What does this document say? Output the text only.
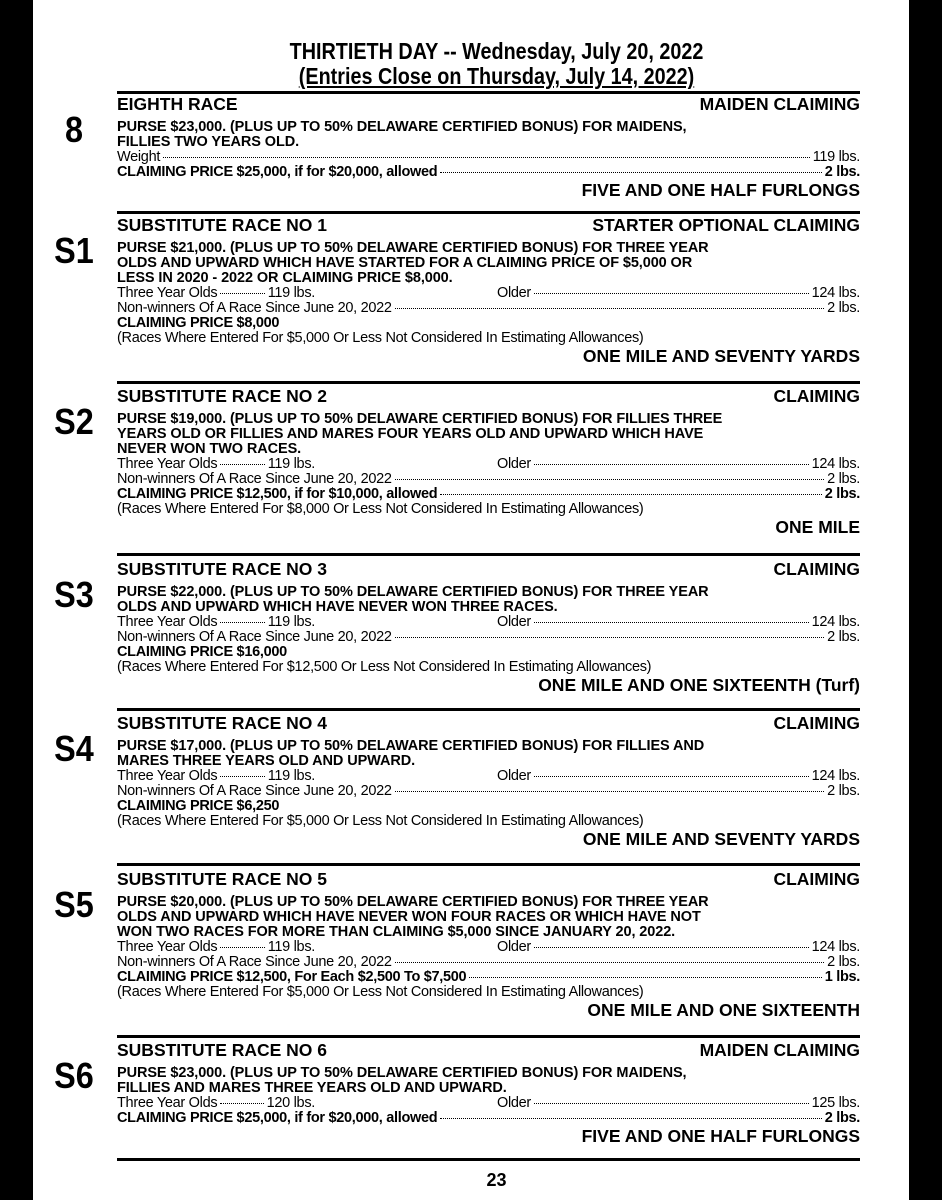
THIRTIETH DAY -- Wednesday, July 20, 2022
(Entries Close on Thursday, July 14, 2022)
8
EIGHTH RACE	MAIDEN CLAIMING
PURSE $23,000. (PLUS UP TO 50% DELAWARE CERTIFIED BONUS) FOR MAIDENS,
FILLIES TWO YEARS OLD.
Weight	119 lbs.
CLAIMING PRICE $25,000, if for $20,000, allowed	2 lbs.
FIVE AND ONE HALF FURLONGS
S1
SUBSTITUTE RACE NO 1	STARTER OPTIONAL CLAIMING
PURSE $21,000. (PLUS UP TO 50% DELAWARE CERTIFIED BONUS) FOR THREE YEAR
OLDS AND UPWARD WHICH HAVE STARTED FOR A CLAIMING PRICE OF $5,000 OR
LESS IN 2020 - 2022 OR CLAIMING PRICE $8,000.
Three Year Olds	119 lbs.	Older	124 lbs.
Non-winners Of A Race Since June 20, 2022	2 lbs.
CLAIMING PRICE $8,000
(Races Where Entered For $5,000 Or Less Not Considered In Estimating Allowances)
ONE MILE AND SEVENTY YARDS
S2
SUBSTITUTE RACE NO 2	CLAIMING
PURSE $19,000. (PLUS UP TO 50% DELAWARE CERTIFIED BONUS) FOR FILLIES THREE
YEARS OLD OR FILLIES AND MARES FOUR YEARS OLD AND UPWARD WHICH HAVE
NEVER WON TWO RACES.
Three Year Olds	119 lbs.	Older	124 lbs.
Non-winners Of A Race Since June 20, 2022	2 lbs.
CLAIMING PRICE $12,500, if for $10,000, allowed	2 lbs.
(Races Where Entered For $8,000 Or Less Not Considered In Estimating Allowances)
ONE MILE
S3
SUBSTITUTE RACE NO 3	CLAIMING
PURSE $22,000. (PLUS UP TO 50% DELAWARE CERTIFIED BONUS) FOR THREE YEAR
OLDS AND UPWARD WHICH HAVE NEVER WON THREE RACES.
Three Year Olds	119 lbs.	Older	124 lbs.
Non-winners Of A Race Since June 20, 2022	2 lbs.
CLAIMING PRICE $16,000
(Races Where Entered For $12,500 Or Less Not Considered In Estimating Allowances)
ONE MILE AND ONE SIXTEENTH (Turf)
S4
SUBSTITUTE RACE NO 4	CLAIMING
PURSE $17,000. (PLUS UP TO 50% DELAWARE CERTIFIED BONUS) FOR FILLIES AND
MARES THREE YEARS OLD AND UPWARD.
Three Year Olds	119 lbs.	Older	124 lbs.
Non-winners Of A Race Since June 20, 2022	2 lbs.
CLAIMING PRICE $6,250
(Races Where Entered For $5,000 Or Less Not Considered In Estimating Allowances)
ONE MILE AND SEVENTY YARDS
S5
SUBSTITUTE RACE NO 5	CLAIMING
PURSE $20,000. (PLUS UP TO 50% DELAWARE CERTIFIED BONUS) FOR THREE YEAR
OLDS AND UPWARD WHICH HAVE NEVER WON FOUR RACES OR WHICH HAVE NOT
WON TWO RACES FOR MORE THAN CLAIMING $5,000 SINCE JANUARY 20, 2022.
Three Year Olds	119 lbs.	Older	124 lbs.
Non-winners Of A Race Since June 20, 2022	2 lbs.
CLAIMING PRICE $12,500, For Each $2,500 To $7,500	1 lbs.
(Races Where Entered For $5,000 Or Less Not Considered In Estimating Allowances)
ONE MILE AND ONE SIXTEENTH
S6
SUBSTITUTE RACE NO 6	MAIDEN CLAIMING
PURSE $23,000. (PLUS UP TO 50% DELAWARE CERTIFIED BONUS) FOR MAIDENS,
FILLIES AND MARES THREE YEARS OLD AND UPWARD.
Three Year Olds	120 lbs.	Older	125 lbs.
CLAIMING PRICE $25,000, if for $20,000, allowed	2 lbs.
FIVE AND ONE HALF FURLONGS
23
